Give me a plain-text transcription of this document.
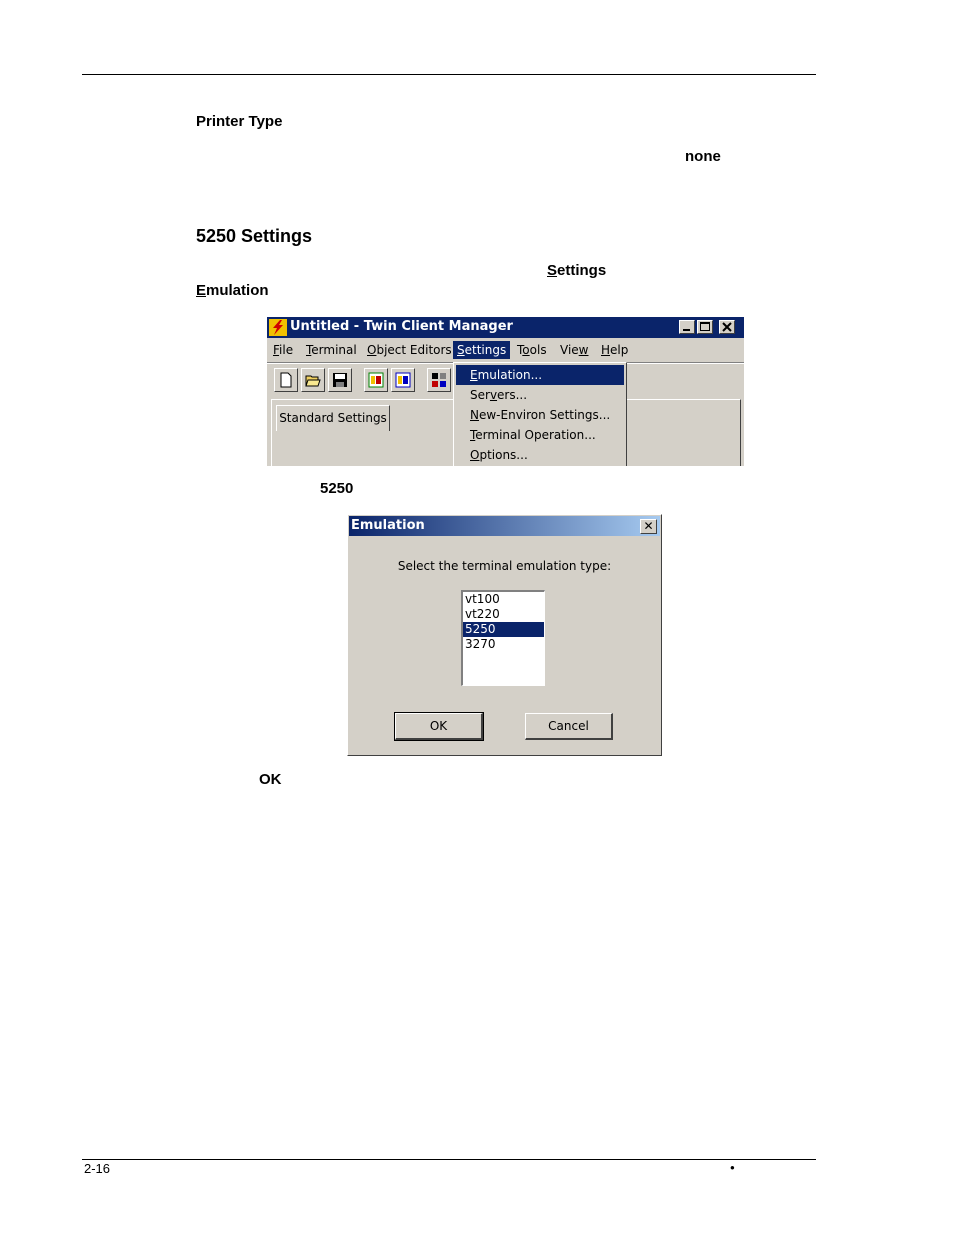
Printer Type
none
5250 Settings
Settings
Emulation
Untitled - Twin Client Manager
File	Terminal Object Editors Settings Tools	View	Help
Standard Settings
Emulation...
Servers...
New-Environ Settings...
Terminal Operation...
Options...
5250
Emulation	✕
Select the terminal emulation type:
vt100
vt220
5250
3270
OK	Cancel
OK
2-16	•
